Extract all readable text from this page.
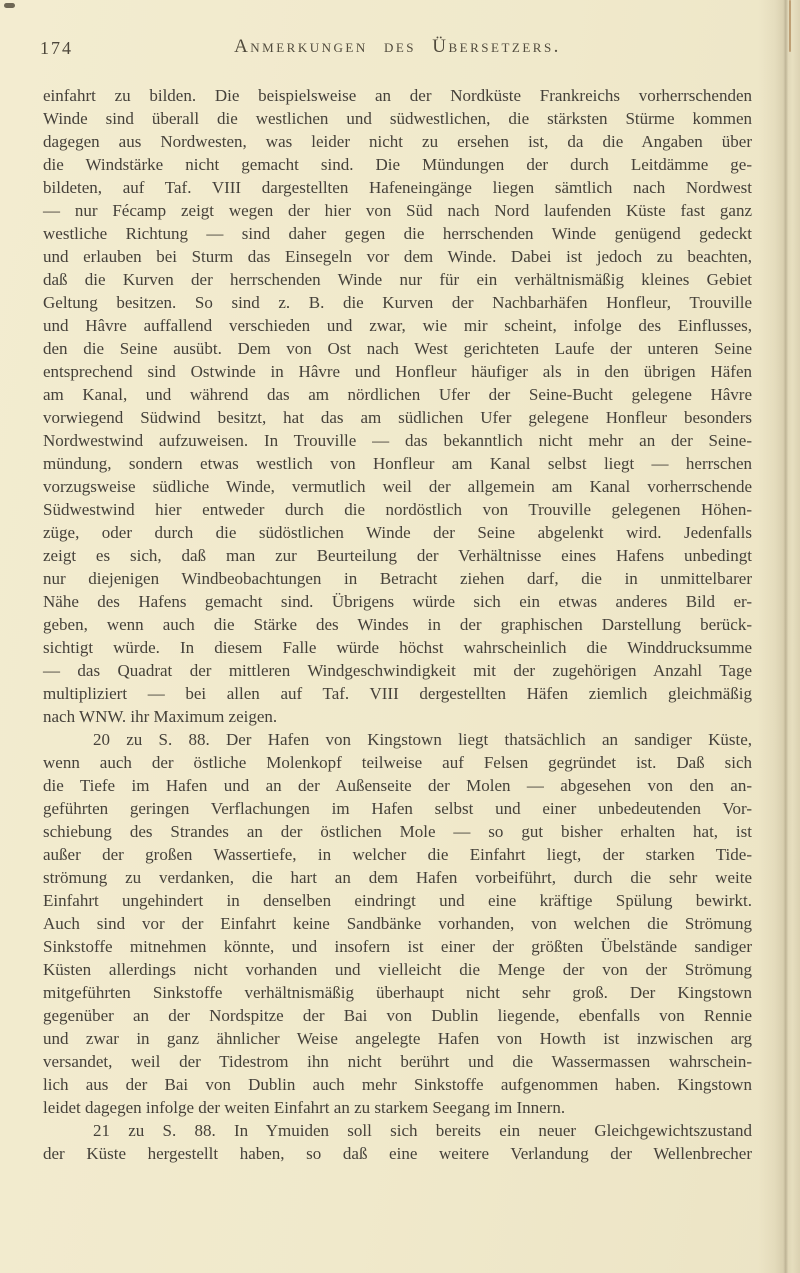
174	Anmerkungen des Übersetzers.
einfahrt zu bilden. Die beispielsweise an der Nordküste Frankreichs vorherrschenden
Winde sind überall die westlichen und südwestlichen, die stärksten Stürme kommen
dagegen aus Nordwesten, was leider nicht zu ersehen ist, da die Angaben über
die Windstärke nicht gemacht sind. Die Mündungen der durch Leitdämme ge-
bildeten, auf Taf. VIII dargestellten Hafeneingänge liegen sämtlich nach Nordwest
— nur Fécamp zeigt wegen der hier von Süd nach Nord laufenden Küste fast ganz
westliche Richtung — sind daher gegen die herrschenden Winde genügend gedeckt
und erlauben bei Sturm das Einsegeln vor dem Winde. Dabei ist jedoch zu beachten,
daß die Kurven der herrschenden Winde nur für ein verhältnismäßig kleines Gebiet
Geltung besitzen. So sind z. B. die Kurven der Nachbarhäfen Honfleur, Trouville
und Hâvre auffallend verschieden und zwar, wie mir scheint, infolge des Einflusses,
den die Seine ausübt. Dem von Ost nach West gerichteten Laufe der unteren Seine
entsprechend sind Ostwinde in Hâvre und Honfleur häufiger als in den übrigen Häfen
am Kanal, und während das am nördlichen Ufer der Seine-Bucht gelegene Hâvre
vorwiegend Südwind besitzt, hat das am südlichen Ufer gelegene Honfleur besonders
Nordwestwind aufzuweisen. In Trouville — das bekanntlich nicht mehr an der Seine-
mündung, sondern etwas westlich von Honfleur am Kanal selbst liegt — herrschen
vorzugsweise südliche Winde, vermutlich weil der allgemein am Kanal vorherrschende
Südwestwind hier entweder durch die nordöstlich von Trouville gelegenen Höhen-
züge, oder durch die südöstlichen Winde der Seine abgelenkt wird. Jedenfalls
zeigt es sich, daß man zur Beurteilung der Verhältnisse eines Hafens unbedingt
nur diejenigen Windbeobachtungen in Betracht ziehen darf, die in unmittelbarer
Nähe des Hafens gemacht sind. Übrigens würde sich ein etwas anderes Bild er-
geben, wenn auch die Stärke des Windes in der graphischen Darstellung berück-
sichtigt würde. In diesem Falle würde höchst wahrscheinlich die Winddrucksumme
— das Quadrat der mittleren Windgeschwindigkeit mit der zugehörigen Anzahl Tage
multipliziert — bei allen auf Taf. VIII dergestellten Häfen ziemlich gleichmäßig
nach WNW. ihr Maximum zeigen.
20 zu S. 88. Der Hafen von Kingstown liegt thatsächlich an sandiger Küste,
wenn auch der östliche Molenkopf teilweise auf Felsen gegründet ist. Daß sich
die Tiefe im Hafen und an der Außenseite der Molen — abgesehen von den an-
geführten geringen Verflachungen im Hafen selbst und einer unbedeutenden Vor-
schiebung des Strandes an der östlichen Mole — so gut bisher erhalten hat, ist
außer der großen Wassertiefe, in welcher die Einfahrt liegt, der starken Tide-
strömung zu verdanken, die hart an dem Hafen vorbeiführt, durch die sehr weite
Einfahrt ungehindert in denselben eindringt und eine kräftige Spülung bewirkt.
Auch sind vor der Einfahrt keine Sandbänke vorhanden, von welchen die Strömung
Sinkstoffe mitnehmen könnte, und insofern ist einer der größten Übelstände sandiger
Küsten allerdings nicht vorhanden und vielleicht die Menge der von der Strömung
mitgeführten Sinkstoffe verhältnismäßig überhaupt nicht sehr groß. Der Kingstown
gegenüber an der Nordspitze der Bai von Dublin liegende, ebenfalls von Rennie
und zwar in ganz ähnlicher Weise angelegte Hafen von Howth ist inzwischen arg
versandet, weil der Tidestrom ihn nicht berührt und die Wassermassen wahrschein-
lich aus der Bai von Dublin auch mehr Sinkstoffe aufgenommen haben. Kingstown
leidet dagegen infolge der weiten Einfahrt an zu starkem Seegang im Innern.
21 zu S. 88. In Ymuiden soll sich bereits ein neuer Gleichgewichtszustand
der Küste hergestellt haben, so daß eine weitere Verlandung der Wellenbrecher
